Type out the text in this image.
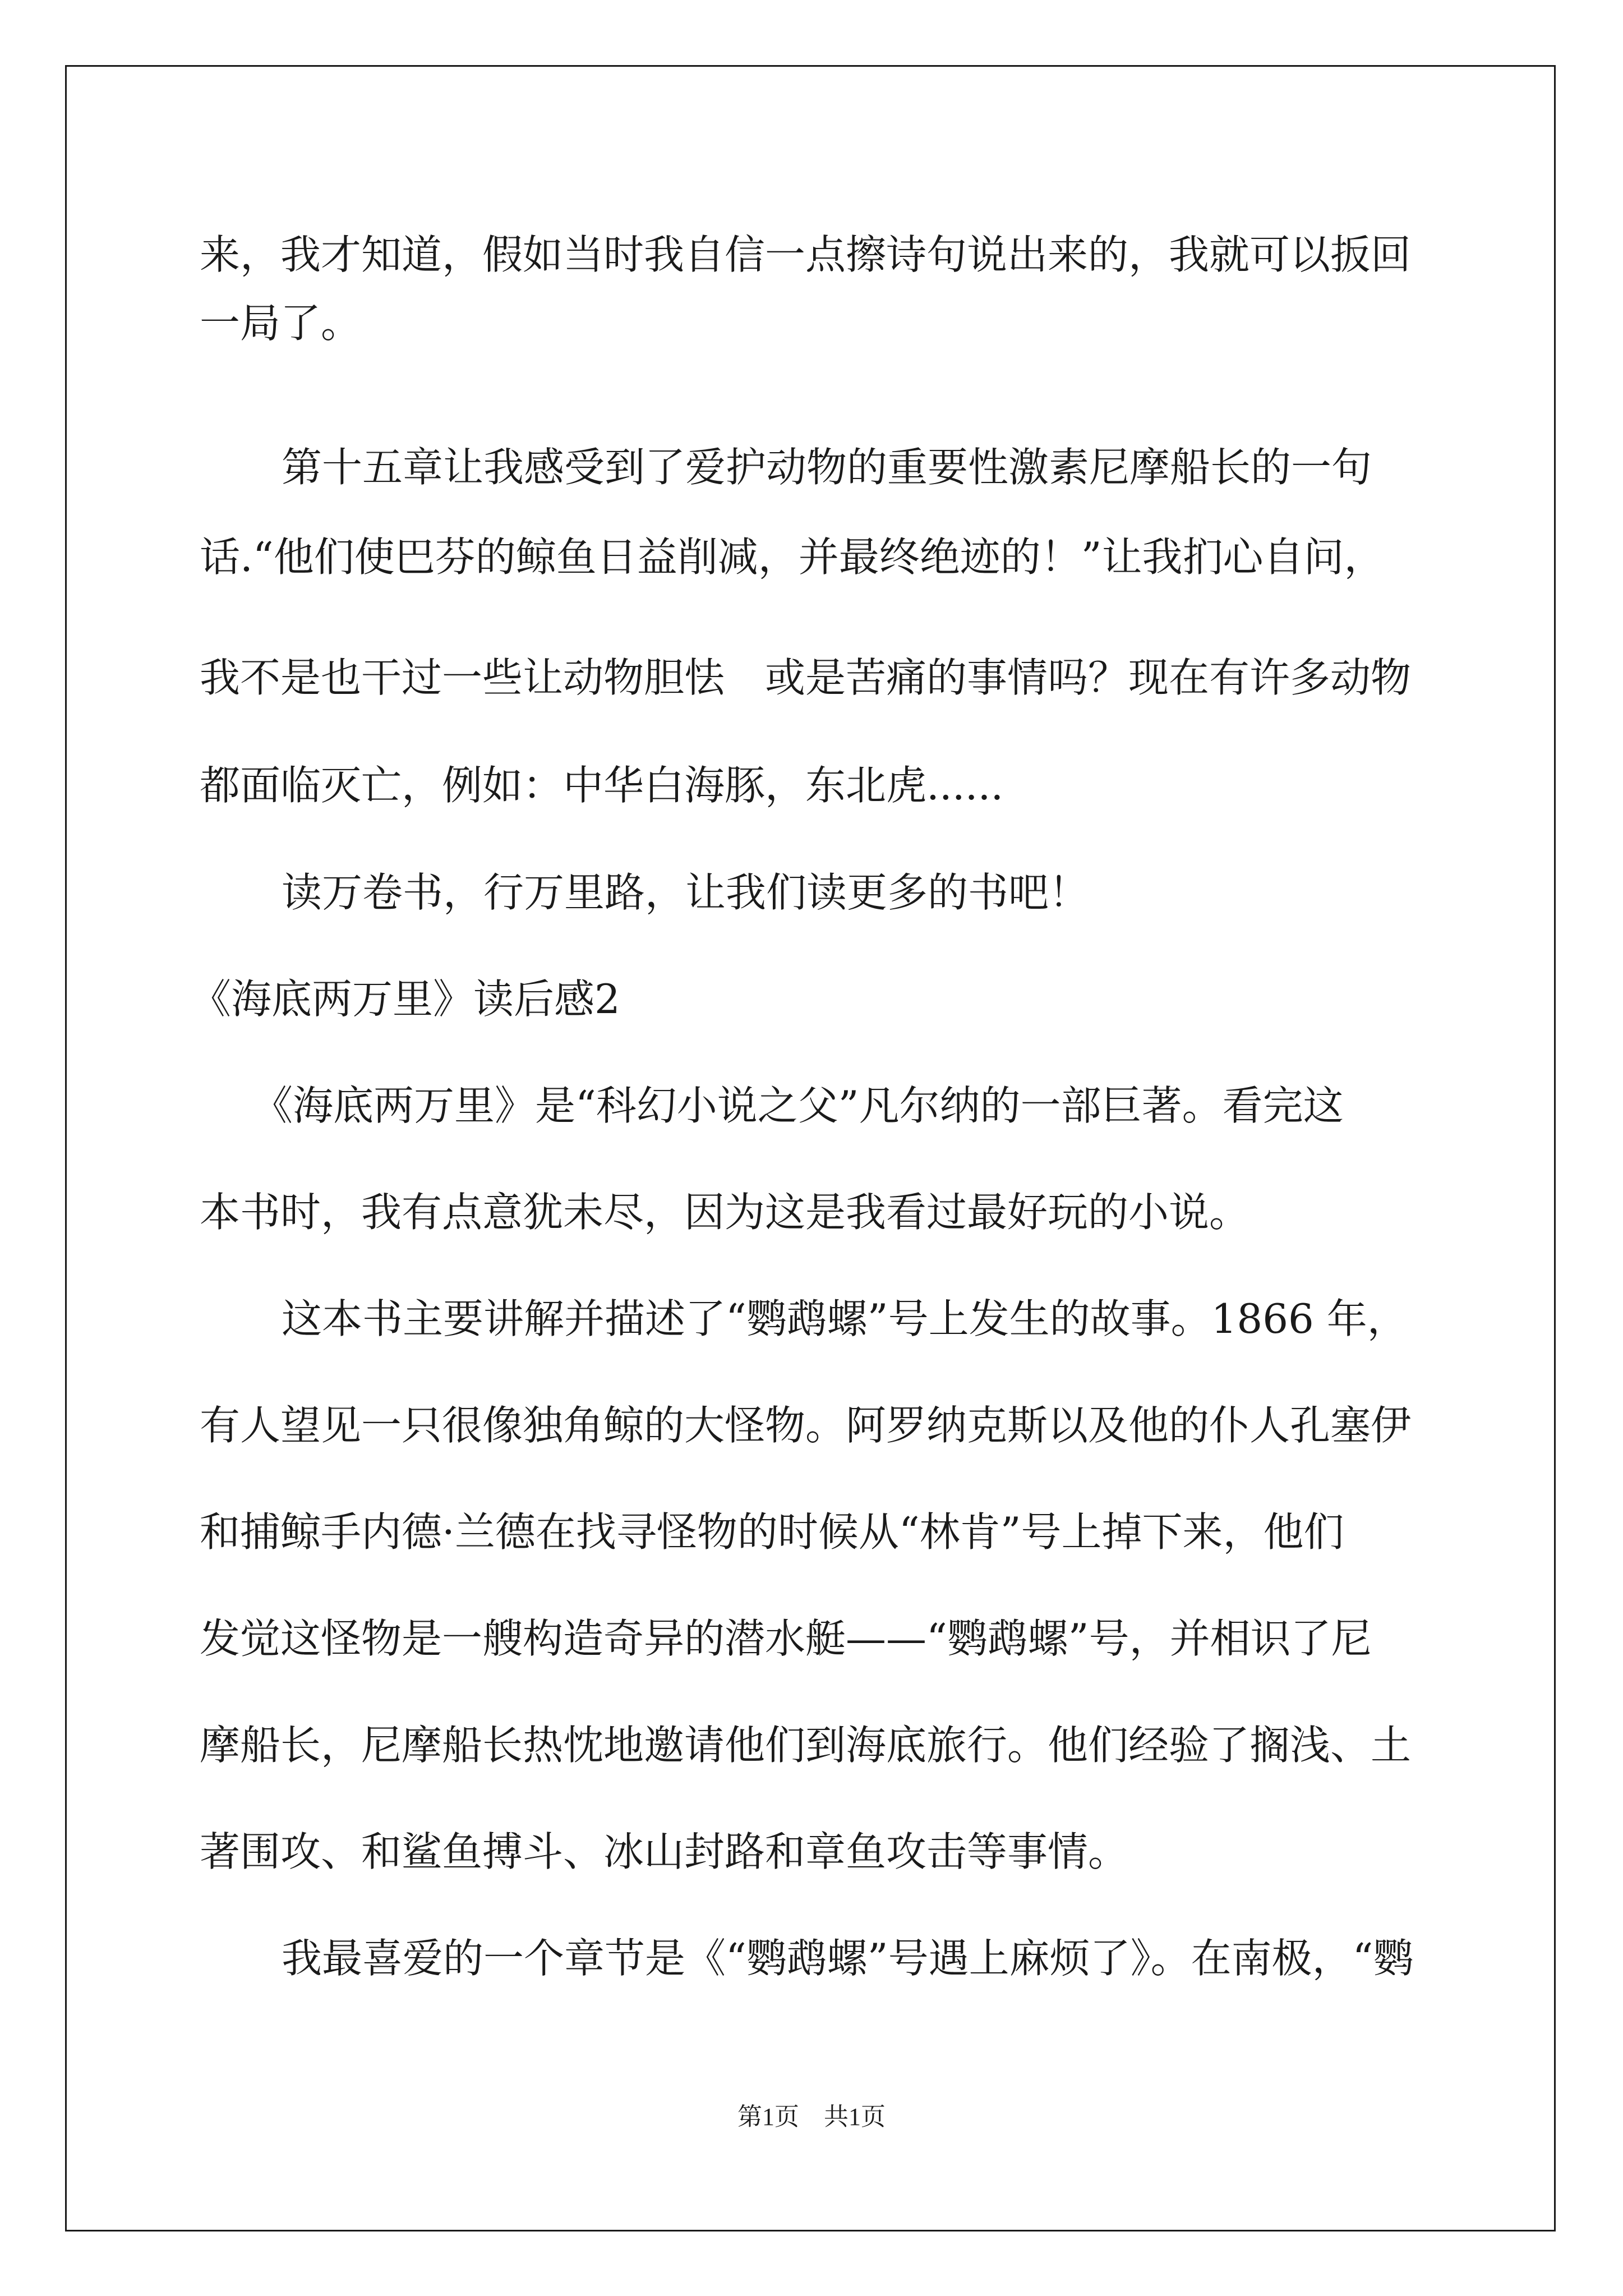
来，我才知道，假如当时我自信一点擦诗句说出来的，我就可以扳回
一局了。
第十五章让我感受到了爱护动物的重要性激素尼摩船长的一句
话.“他们使巴芬的鲸鱼日益削减，并最终绝迹的！”让我扪心自问，
我不是也干过一些让动物胆怯　或是苦痛的事情吗？现在有许多动物
都面临灭亡，例如：中华白海豚，东北虎......
读万卷书，行万里路，让我们读更多的书吧！
《海底两万里》读后感2
《海底两万里》是“科幻小说之父”凡尔纳的一部巨著。看完这
本书时，我有点意犹未尽，因为这是我看过最好玩的小说。
这本书主要讲解并描述了“鹦鹉螺”号上发生的故事。1866 年，
有人望见一只很像独角鲸的大怪物。阿罗纳克斯以及他的仆人孔塞伊
和捕鲸手内德·兰德在找寻怪物的时候从“林肯”号上掉下来，他们
发觉这怪物是一艘构造奇异的潜水艇——“鹦鹉螺”号，并相识了尼
摩船长，尼摩船长热忱地邀请他们到海底旅行。他们经验了搁浅、土
著围攻、和鲨鱼搏斗、冰山封路和章鱼攻击等事情。
我最喜爱的一个章节是《“鹦鹉螺”号遇上麻烦了》。在南极，“鹦
第1页　共1页
